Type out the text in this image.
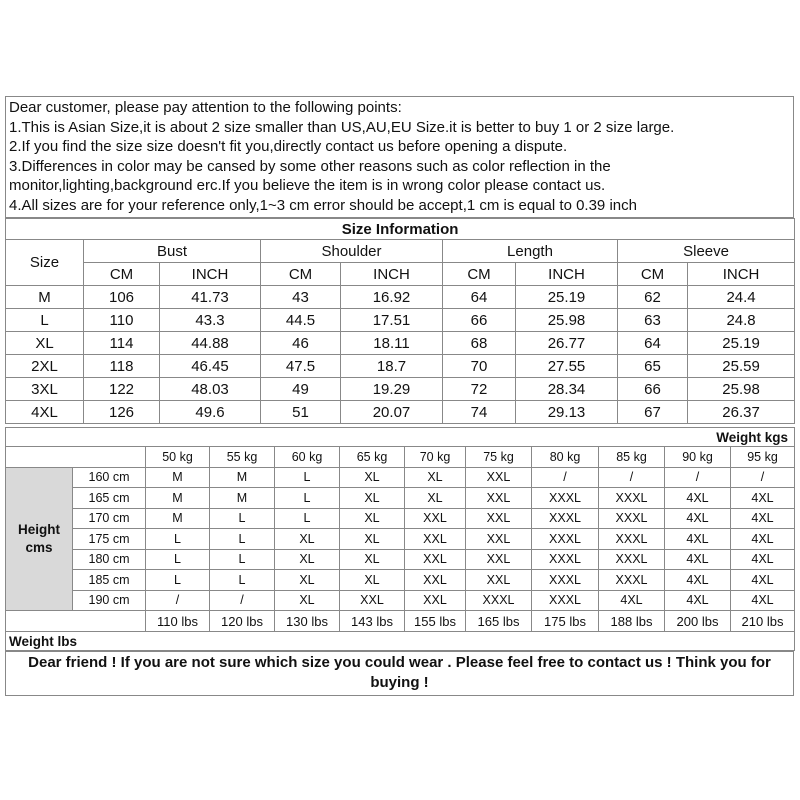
Dear customer, please pay attention to the following points:
1.This is Asian Size,it is about 2 size smaller than US,AU,EU Size.it is better to buy 1 or 2 size large.
2.If you find the size size doesn't fit you,directly contact us before opening a dispute.
3.Differences in color may be cansed by some other reasons such as color reflection in the
monitor,lighting,background erc.If you believe the item is in wrong color please contact us.
4.All sizes are for your reference only,1~3 cm error should be accept,1 cm is equal to 0.39 inch
Size Information								
Size	Bust		Shoulder		Length		Sleeve	
	CM	INCH	CM	INCH	CM	INCH	CM	INCH
M	106	41.73	43	16.92	64	25.19	62	24.4
L	110	43.3	44.5	17.51	66	25.98	63	24.8
XL	114	44.88	46	18.11	68	26.77	64	25.19
2XL	118	46.45	47.5	18.7	70	27.55	65	25.59
3XL	122	48.03	49	19.29	72	28.34	66	25.98
4XL	126	49.6	51	20.07	74	29.13	67	26.37
Weight kgs											
		50 kg	55 kg	60 kg	65 kg	70 kg	75 kg	80 kg	85 kg	90 kg	95 kg
Height
cms	160 cm	M	M	L	XL	XL	XXL	/	/	/	/
	165 cm	M	M	L	XL	XL	XXL	XXXL	XXXL	4XL	4XL
	170 cm	M	L	L	XL	XXL	XXL	XXXL	XXXL	4XL	4XL
	175 cm	L	L	XL	XL	XXL	XXL	XXXL	XXXL	4XL	4XL
	180 cm	L	L	XL	XL	XXL	XXL	XXXL	XXXL	4XL	4XL
	185 cm	L	L	XL	XL	XXL	XXL	XXXL	XXXL	4XL	4XL
	190 cm	/	/	XL	XXL	XXL	XXXL	XXXL	4XL	4XL	4XL
		110 lbs	120 lbs	130 lbs	143 lbs	155 lbs	165 lbs	175 lbs	188 lbs	200 lbs	210 lbs
Weight lbs											
Dear friend ! If you are not sure which size you could wear . Please feel free to contact us ! Think you for buying !
